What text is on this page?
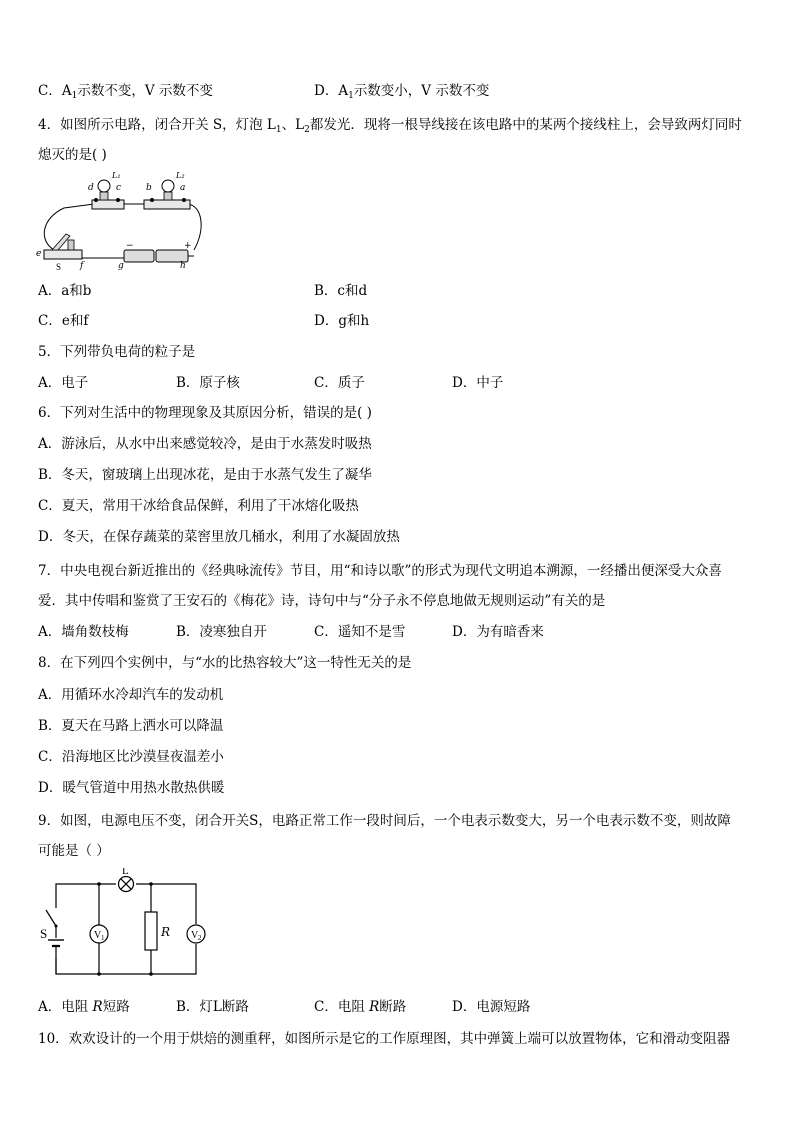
C．$A_1$示数不变，V 示数不变	D．$A_1$示数变小，V 示数不变
4．如图所示电路，闭合开关 S，灯泡 $L_1$、$L_2$都发光．现将一根导线接在该电路中的某两个接线柱上，会导致两灯同时
熄灭的是( )
d c	b	a
L₁	L₂
e
f	g	h
S
−	+
A．a和b	B．c和d
C．e和f	D．g和h
5．下列带负电荷的粒子是
A．电子	B．原子核	C．质子	D．中子
6．下列对生活中的物理现象及其原因分析，错误的是( )
A．游泳后，从水中出来感觉较冷，是由于水蒸发时吸热
B．冬天，窗玻璃上出现冰花，是由于水蒸气发生了凝华
C．夏天，常用干冰给食品保鲜，利用了干冰熔化吸热
D．冬天，在保存蔬菜的菜窖里放几桶水，利用了水凝固放热
7．中央电视台新近推出的《经典咏流传》节目，用“和诗以歌”的形式为现代文明追本溯源，一经播出便深受大众喜
爱．其中传唱和鉴赏了王安石的《梅花》诗，诗句中与“分子永不停息地做无规则运动”有关的是
A．墙角数枝梅	B．凌寒独自开	C．遥知不是雪	D．为有暗香来
8．在下列四个实例中，与“水的比热容较大”这一特性无关的是
A．用循环水冷却汽车的发动机
B．夏天在马路上洒水可以降温
C．沿海地区比沙漠昼夜温差小
D．暖气管道中用热水散热供暖
9．如图，电源电压不变，闭合开关S，电路正常工作一段时间后，一个电表示数变大，另一个电表示数不变，则故障
可能是（ ）
L
S	V 1	R V 2
A．电阻 R短路	B．灯L断路	C．电阻 R断路	D．电源短路
10．欢欢设计的一个用于烘焙的测重秤，如图所示是它的工作原理图，其中弹簧上端可以放置物体，它和滑动变阻器
